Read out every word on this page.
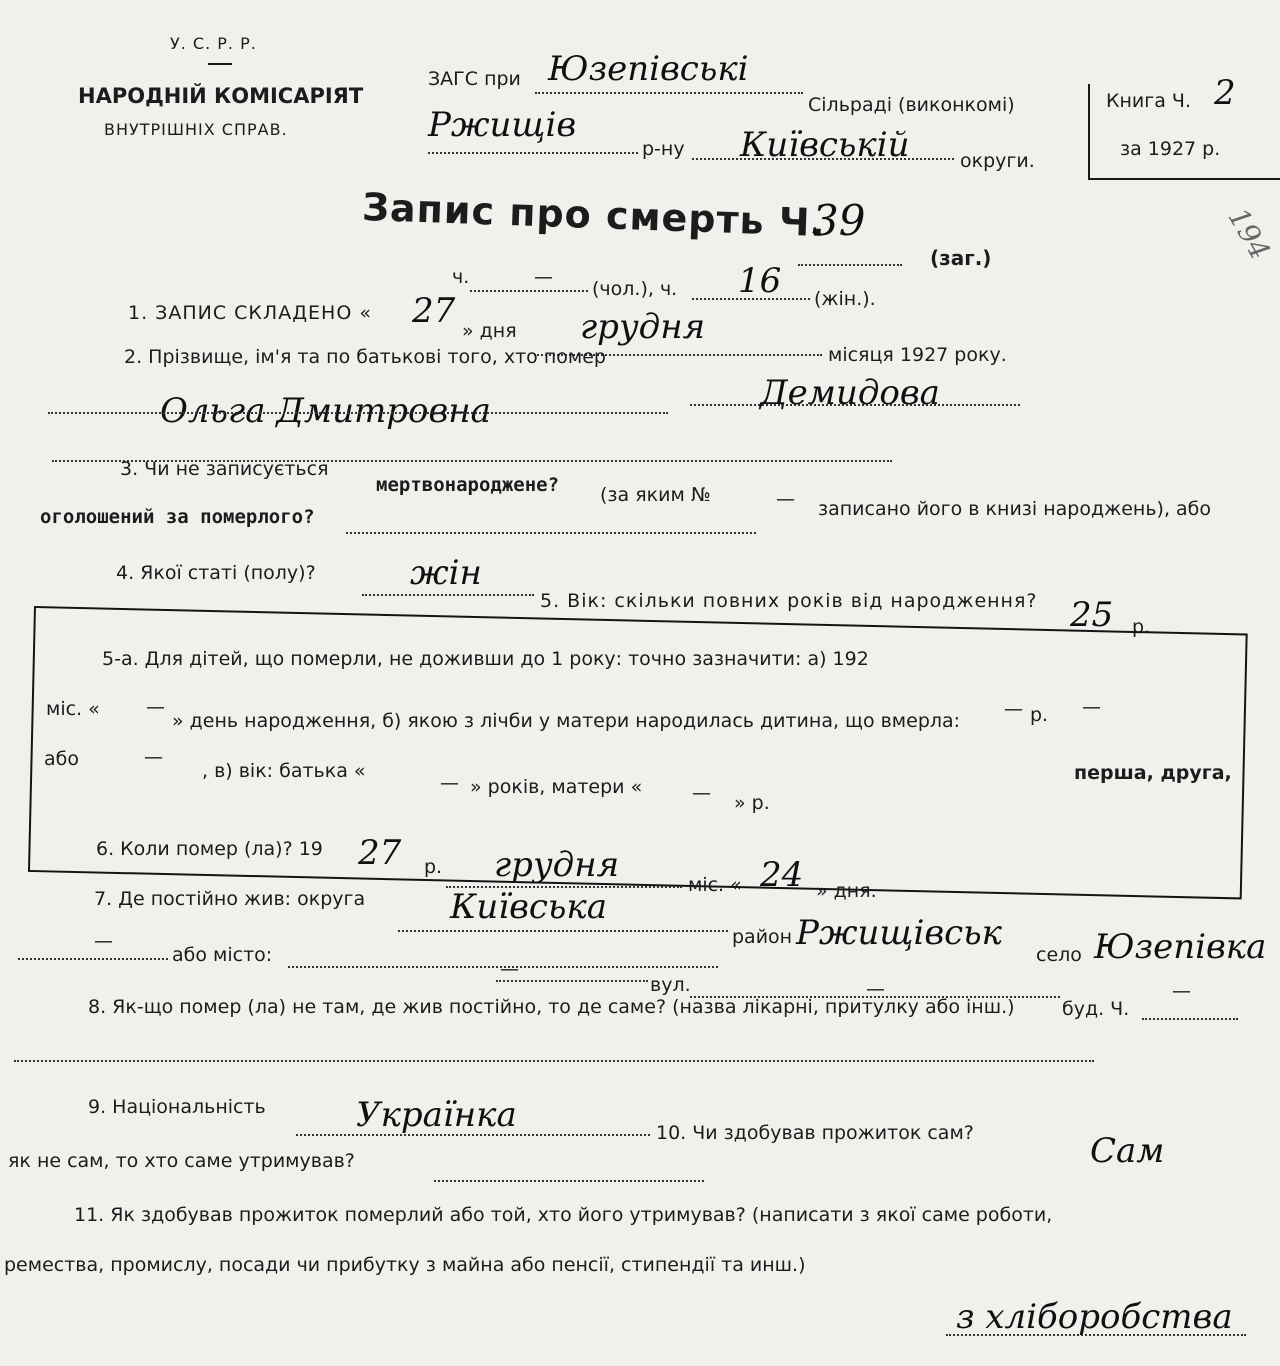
У. С. Р. Р.
НАРОДНІЙ КОМІСАРІЯТ
ВНУТРІШНІХ СПРАВ.
ЗАГС при Юзепівські
Сільраді (виконкомі)
Ржищів
р-ну Київській	округи.
Книга Ч. 2
за 1927 р.
194
Запис про смерть Ч.
39
(заг.)
ч.	—
(чол.), ч. 16 (жін.).
1. ЗАПИС СКЛАДЕНО « 27 » дня грудня
місяця 1927 року.
2. Прізвище, ім'я та по батькові того, хто помер
Демидова
Ольга Дмитровна
3. Чи не записується
мертвонароджене? (за яким №	— записано його в книзі народжень), або
оголошений за померлого?
4. Якої статі (полу)?	жін
5. Вік: скільки повних років від народження? 25 р.
5-а. Для дітей, що померли, не доживши до 1 року: точно зазначити: а) 192
— р. —
міс. « —
» день народження, б) якою з лічби у матери народилась дитина, що вмерла:
перша, друга,
або	—
, в) вік: батька «
— » років, матери «	— » р.
6. Коли помер (ла)? 19 27 р. грудня	міс. « 24 » дня.
7. Де постійно жив: округа Київська
—
або місто:
район Ржищівськ
село Юзепівка
—
вул.	—
буд. Ч.
—
8. Як-що помер (ла) не там, де жив постійно, то де саме? (назва лікарні, притулку або інш.)
9. Національність	Українка	10. Чи здобував прожиток сам?	Сам
як не сам, то хто саме утримував?
11. Як здобував прожиток померлий або той, хто його утримував? (написати з якої саме роботи,
ремества, промислу, посади чи прибутку з майна або пенсії, стипендії та инш.)
з хліборобства
